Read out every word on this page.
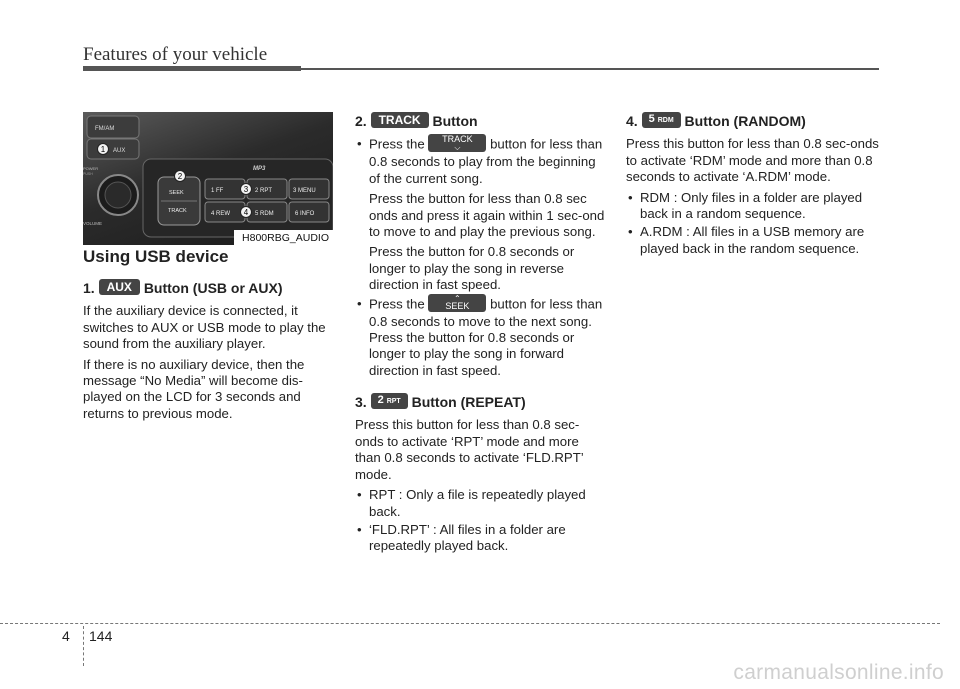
Features of your vehicle
FM/AM
AUX
POWER
PUSH
VOLUME
MP3
SEEK
TRACK
1 FF	2 RPT	3 MENU
4 REW	5 RDM	6 INFO
1
2
3
4
H800RBG_AUDIO
Using USB device
1. AUX Button (USB or AUX)

If the auxiliary device is connected, it switches to AUX or USB mode to play the sound from the auxiliary player.

If there is no auxiliary device, then the message “No Media” will become dis-played on the LCD for 3 seconds and returns to previous mode.

2. TRACK Button

• Press the TRACK
⌵	button for less than 0.8 seconds to play from the beginning of the current song.

Press the button for less than 0.8 sec onds and press it again within 1 sec-ond to move to and play the previous song.

Press the button for 0.8 seconds or longer to play the song in reverse direction in fast speed.

• Press the	⌃
SEEK button for less than 0.8 seconds to move to the next song. Press the button for 0.8 seconds or longer to play the song in forward direction in fast speed.
3. 2 RPT Button (REPEAT)

Press this button for less than 0.8 sec-onds to activate ‘RPT’ mode and more than 0.8 seconds to activate ‘FLD.RPT’ mode.

• RPT : Only a file is repeatedly played back.
• ‘FLD.RPT’ : All files in a folder are repeatedly played back.
4. 5 RDM Button (RANDOM)

Press this button for less than 0.8 sec-onds to activate ‘RDM’ mode and more than 0.8 seconds to activate ‘A.RDM’ mode.

• RDM : Only files in a folder are played back in a random sequence.
• A.RDM : All files in a USB memory are played back in the random sequence.
4 144
carmanualsonline.info
